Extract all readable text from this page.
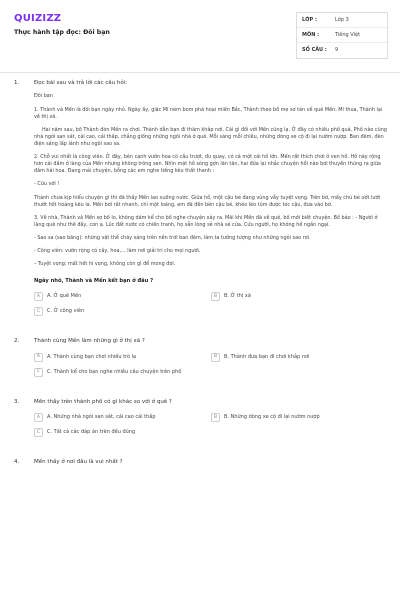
QUIZIZZ
Thực hành tập đọc: Đôi bạn
LỚP :	Lớp 3
MÔN :	Tiếng Việt
SỐ CÂU :	9
1.	Đọc bài sau và trả lời các câu hỏi:

Đôi bạn

1. Thành và Mến là đôi bạn ngày nhỏ. Ngày ấy, giặc Mĩ ném bom phá hoại miền Bắc, Thành theo bố mẹ sơ tán về quê Mến. Mĩ thua, Thành lại về thị xã.

Hai năm sau, bố Thành đón Mến ra chơi. Thành dẫn bạn đi thăm khắp nơi. Cái gì đối với Mến cũng lạ. Ở đây có nhiều phố quá. Phố nào cũng nhà ngói san sát, cái cao, cái thấp, chẳng giống những ngôi nhà ở quê. Mỗi sáng mỗi chiều, những dòng xe cộ đi lại nườm nượp. Ban đêm, đèn điện sáng lấp lánh như ngôi sao sa.

2. Chỗ vui nhất là công viên. Ở đây, bên cạnh vườn hoa có cầu trượt, đu quay, có cả một cái hồ lớn. Mến rất thích chơi ở ven hồ. Hồ này rộng hơn cái đầm ở làng của Mến nhưng không trông sen. Nhìn mặt hồ sóng gợn lăn tăn, hai đứa lại nhắc chuyện hồi nào bơi thuyền thúng ra giữa đầm hái hoa. Đang mải chuyện, bỗng các em nghe tiếng kêu thất thanh :

- Cứu với !

Thành chưa kịp hiểu chuyện gì thì đã thấy Mến lao xuống nước. Giữa hồ, một cậu bé đang vùng vẫy tuyệt vọng. Trên bờ, mấy chú bé ướt lướt thướt hốt hoảng kêu la. Mến bơi rất nhanh, chỉ một loáng, em đã đến bên cậu bé, khéo léo túm được tóc cậu, đưa vào bờ.

3. Về nhà, Thành và Mến sợ bố lo, không dám kể cho bố nghe chuyện xảy ra. Mãi khi Mến đã về quê, bố mới biết chuyện. Bố bảo : - Người ở làng quê như thế đấy, con ạ. Lúc đất nước có chiến tranh, họ sẵn lòng sẻ nhà sẻ cửa. Cứu người, họ không hề ngần ngại.

- Sao sa (sao băng): những vật thể cháy sáng trên nền trời ban đêm, làm ta tưởng tượng như những ngôi sao rơi.

- Công viên: vườn rộng có cây, hoa,... làm nơi giải trí cho mọi người.

– Tuyệt vọng: mất hết hi vọng, không còn gì để mong đợi.

Ngày nhỏ, Thành và Mến kết bạn ở đâu ?
A	A. Ở quê Mến	B	B. Ở thị xã
C	C. Ở công viên
2.	Thành cùng Mến làm những gì ở thị xã ?
A	A. Thành cùng bạn chơi nhiều trò lạ	B	B. Thành đưa bạn đi chơi khắp nơi
C	C. Thành kể cho bạn nghe nhiều câu chuyện trên phố
3.	Mến thấy trên thành phố có gì khác so với ở quê ?
A	A. Những nhà ngói san sát, cái cao cái thấp	B	B. Những dòng xe cộ đi lại nườm nượp
C	C. Tất cả các đáp án trên đều đúng
4.	Mến thấy ở nơi đâu là vui nhất ?
